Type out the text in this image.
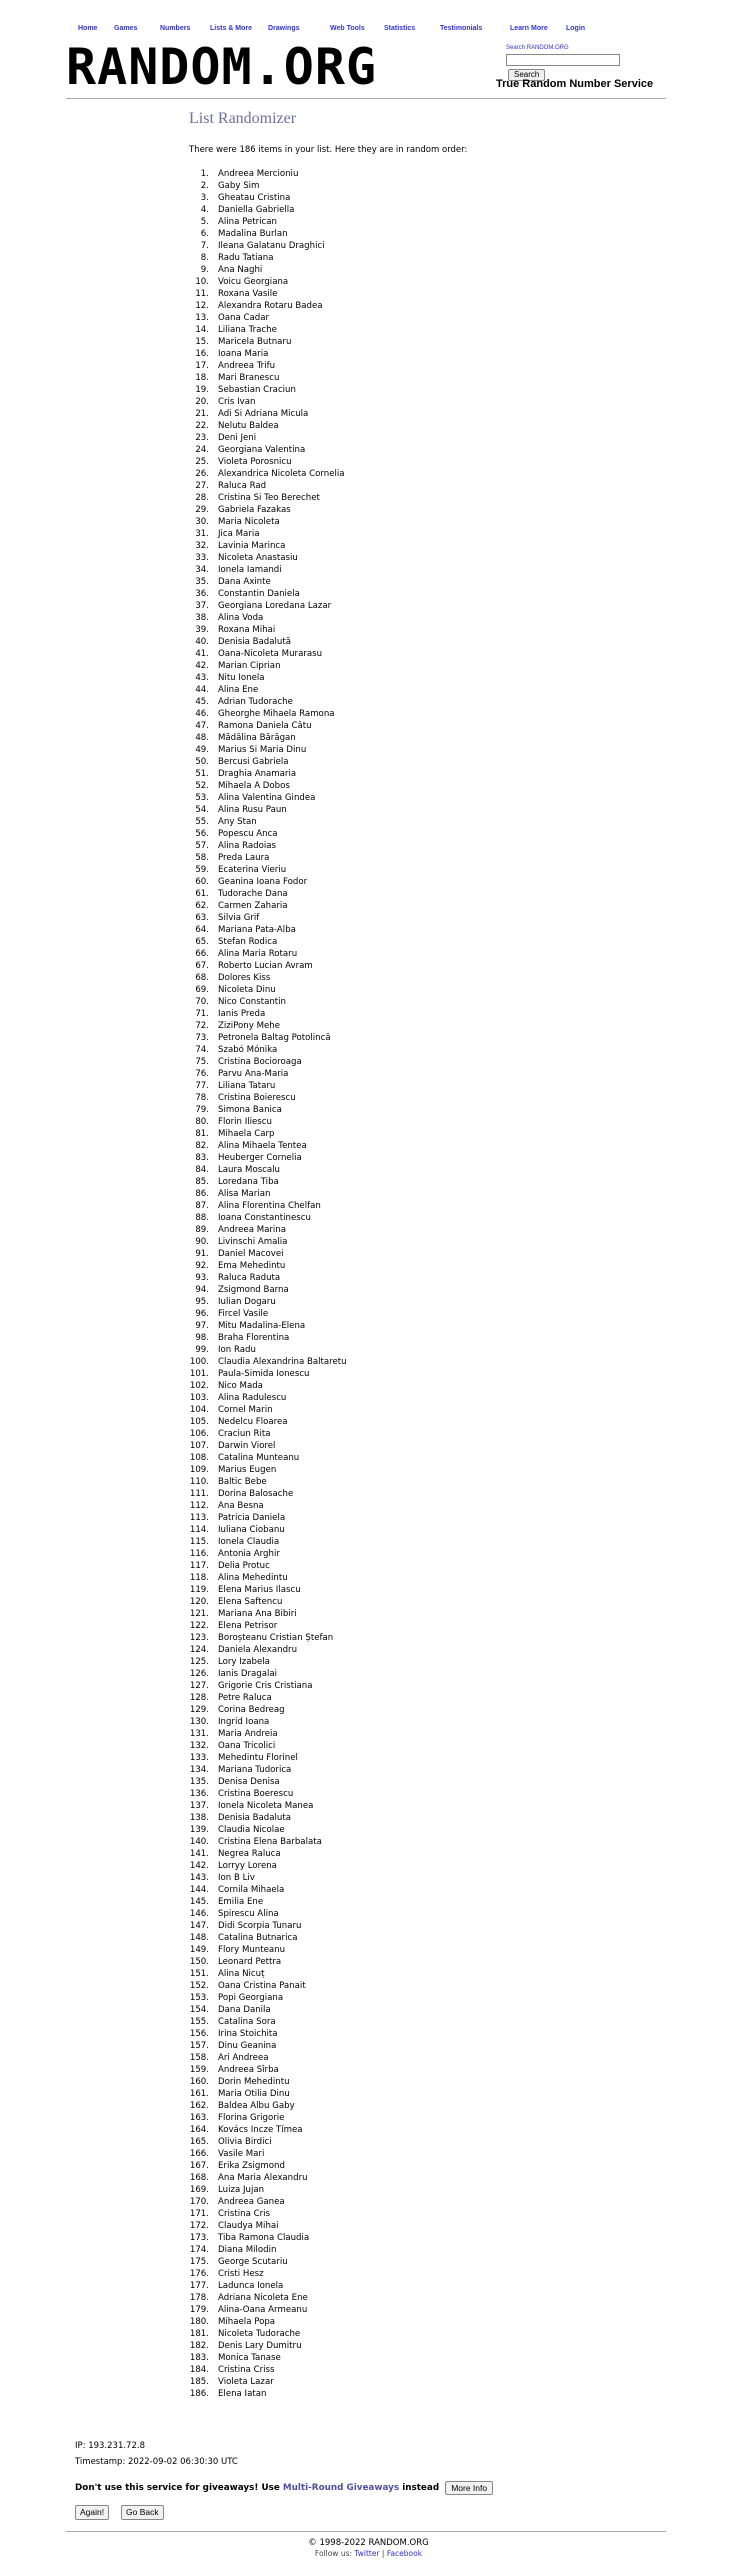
Home Games	Numbers	Lists & More Drawings	Web Tools	Statistics	Testimonials	Learn More	Login
RANDOM.ORG	Search RANDOM.ORG
Search
True Random Number Service
List Randomizer
There were 186 items in your list. Here they are in random order:
1. Andreea Mercioniu
2. Gaby Sim
3. Gheatau Cristina
4. Daniella Gabriella
5. Alina Petrican
6. Madalina Burlan
7. Ileana Galatanu Draghici
8. Radu Tatiana
9. Ana Naghi
10. Voicu Georgiana
11. Roxana Vasile
12. Alexandra Rotaru Badea
13. Oana Cadar
14. Liliana Trache
15. Maricela Butnaru
16. Ioana Maria
17. Andreea Trifu
18. Mari Branescu
19. Sebastian Craciun
20. Cris Ivan
21. Adi Si Adriana Micula
22. Nelutu Baldea
23. Deni Jeni
24. Georgiana Valentina
25. Violeta Porosnicu
26. Alexandrica Nicoleta Cornelia
27. Raluca Rad
28. Cristina Si Teo Berechet
29. Gabriela Fazakas
30. Maria Nicoleta
31. Jica Maria
32. Lavinia Marinca
33. Nicoleta Anastasiu
34. Ionela Iamandi
35. Dana Axinte
36. Constantin Daniela
37. Georgiana Loredana Lazar
38. Alina Voda
39. Roxana Mihai
40. Denisia Badalută
41. Oana-Nicoleta Murarasu
42. Marian Ciprian
43. Nitu Ionela
44. Alina Ene
45. Adrian Tudorache
46. Gheorghe Mihaela Ramona
47. Ramona Daniela Câtu
48. Mădălina Bărăgan
49. Marius Si Maria Dinu
50. Bercusi Gabriela
51. Draghia Anamaria
52. Mihaela A Dobos
53. Alina Valentina Gindea
54. Alina Rusu Paun
55. Any Stan
56. Popescu Anca
57. Alina Radoias
58. Preda Laura
59. Ecaterina Vieriu
60. Geanina Ioana Fodor
61. Tudorache Dana
62. Carmen Zaharia
63. Silvia Grif
64. Mariana Pata-Alba
65. Stefan Rodica
66. Alina Maria Rotaru
67. Roberto Lucian Avram
68. Dolores Kiss
69. Nicoleta Dinu
70. Nico Constantin
71. Ianis Preda
72. ZiziPony Mehe
73. Petronela Baltag Potolincă
74. Szabó Mónika
75. Cristina Bocioroaga
76. Parvu Ana-Maria
77. Liliana Tataru
78. Cristina Boierescu
79. Simona Banica
80. Florin Iliescu
81. Mihaela Carp
82. Alina Mihaela Tentea
83. Heuberger Cornelia
84. Laura Moscalu
85. Loredana Tiba
86. Alisa Marian
87. Alina Florentina Chelfan
88. Ioana Constantinescu
89. Andreea Marina
90. Livinschi Amalia
91. Daniel Macovei
92. Ema Mehedintu
93. Raluca Raduta
94. Zsigmond Barna
95. Iulian Dogaru
96. Fircel Vasile
97. Mitu Madalina-Elena
98. Braha Florentina
99. Ion Radu
100. Claudia Alexandrina Baltaretu
101. Paula-Simida Ionescu
102. Nico Mada
103. Alina Radulescu
104. Cornel Marin
105. Nedelcu Floarea
106. Craciun Rita
107. Darwin Viorel
108. Catalina Munteanu
109. Marius Eugen
110. Baltic Bebe
111. Dorina Balosache
112. Ana Besna
113. Patricia Daniela
114. Iuliana Ciobanu
115. Ionela Claudia
116. Antonia Arghir
117. Delia Protuc
118. Alina Mehedintu
119. Elena Marius Ilascu
120. Elena Saftencu
121. Mariana Ana Bibiri
122. Elena Petrisor
123. Boroșteanu Cristian Ștefan
124. Daniela Alexandru
125. Lory Izabela
126. Ianis Dragalai
127. Grigorie Cris Cristiana
128. Petre Raluca
129. Corina Bedreag
130. Ingrid Ioana
131. Maria Andreia
132. Oana Tricolici
133. Mehedintu Florinel
134. Mariana Tudorica
135. Denisa Denisa
136. Cristina Boerescu
137. Ionela Nicoleta Manea
138. Denisia Badaluta
139. Claudia Nicolae
140. Cristina Elena Barbalata
141. Negrea Raluca
142. Lorryy Lorena
143. Ion B Liv
144. Cornila Mihaela
145. Emilia Ene
146. Spirescu Alina
147. Didi Scorpia Tunaru
148. Catalina Butnarica
149. Flory Munteanu
150. Leonard Pettra
151. Alina Nicuț
152. Oana Cristina Panait
153. Popi Georgiana
154. Dana Danila
155. Catalina Sora
156. Irina Stoichita
157. Dinu Geanina
158. Ari Andreea
159. Andreea Sîrba
160. Dorin Mehedintu
161. Maria Otilia Dinu
162. Baldea Albu Gaby
163. Florina Grigorie
164. Kovács Incze Tímea
165. Olivia Birdici
166. Vasile Mari
167. Erika Zsigmond
168. Ana Maria Alexandru
169. Luiza Jujan
170. Andreea Ganea
171. Cristina Cris
172. Claudya Mihai
173. Tiba Ramona Claudia
174. Diana Milodin
175. George Scutariu
176. Cristi Hesz
177. Ladunca Ionela
178. Adriana Nicoleta Ene
179. Alina-Oana Armeanu
180. Mihaela Popa
181. Nicoleta Tudorache
182. Denis Lary Dumitru
183. Monica Tanase
184. Cristina Criss
185. Violeta Lazar
186. Elena Iatan
IP: 193.231.72.8
Timestamp: 2022-09-02 06:30:30 UTC
Don't use this service for giveaways! Use Multi-Round Giveaways instead More Info
Again!	Go Back
© 1998-2022 RANDOM.ORG
Follow us: Twitter | Facebook
